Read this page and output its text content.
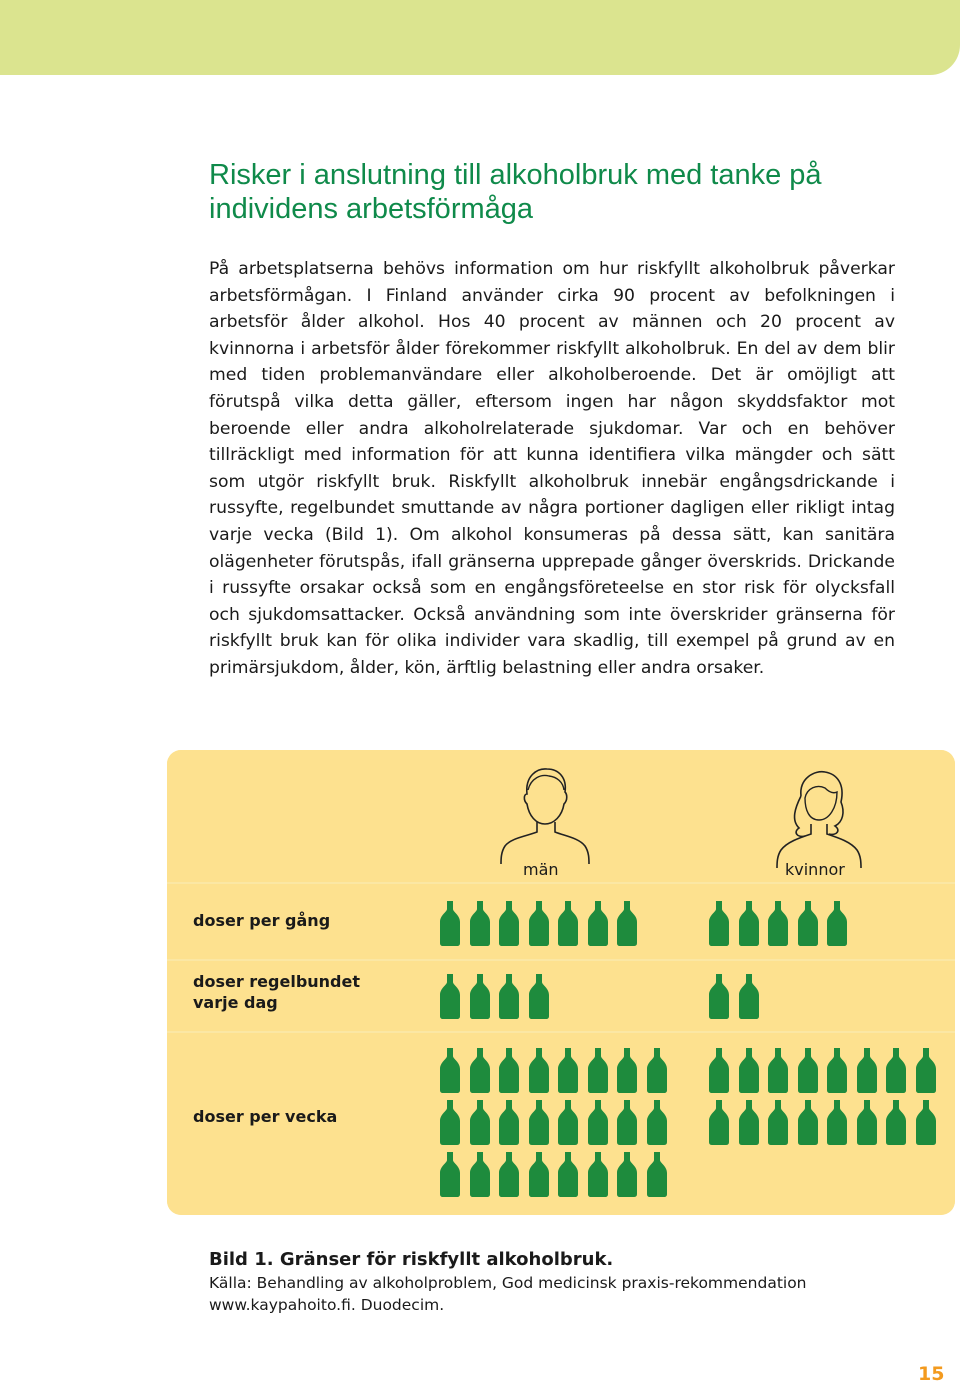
Risker i anslutning till alkoholbruk med tanke på individens arbetsförmåga

På arbetsplatserna behövs information om hur riskfyllt alkoholbruk påverkar arbetsförmågan. I Finland använder cirka 90 procent av befolkningen i arbetsför ålder alkohol. Hos 40 procent av männen och 20 procent av kvinnorna i arbetsför ålder förekommer riskfyllt alkoholbruk. En del av dem blir med tiden problemanvändare eller alkoholberoende. Det är omöjligt att förutspå vilka detta gäller, eftersom ingen har någon skyddsfaktor mot beroende eller andra alkoholrelaterade sjukdomar. Var och en behöver tillräckligt med information för att kunna identifiera vilka mängder och sätt som utgör riskfyllt bruk. Riskfyllt alkoholbruk innebär engångsdrickande i russyfte, regelbundet smuttande av några portioner dagligen eller rikligt intag varje vecka (Bild 1). Om alkohol konsumeras på dessa sätt, kan sanitära olägenheter förutspås, ifall gränserna upprepade gånger överskrids. Drickande i russyfte orsakar också som en engångsföreteelse en stor risk för olycksfall och sjukdomsattacker. Också användning som inte överskrider gränserna för riskfyllt bruk kan för olika individer vara skadlig, till exempel på grund av en primärsjukdom, ålder, kön, ärftlig belastning eller andra orsaker.

män	kvinnor
doser per gång
doser regelbundet
varje dag
doser per vecka
Bild 1. Gränser för riskfyllt alkoholbruk.
Källa: Behandling av alkoholproblem, God medicinsk praxis-rekommendation
www.kaypahoito.fi. Duodecim.
15
